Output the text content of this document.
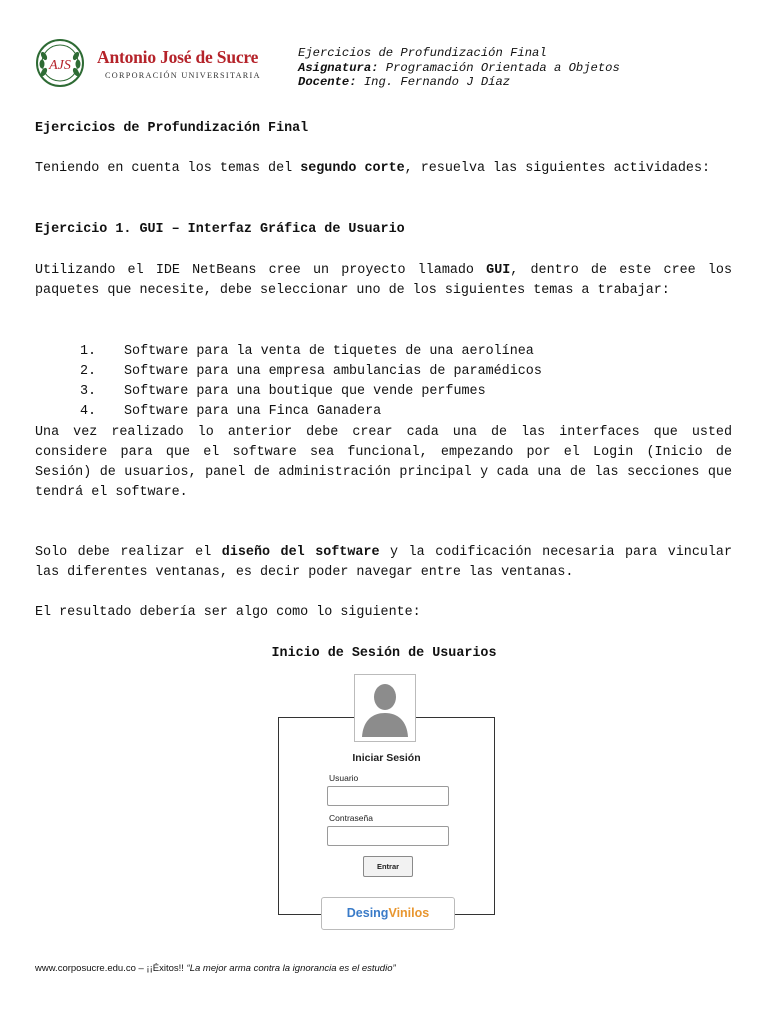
AJS Antonio José de Sucre
CORPORACIÓN UNIVERSITARIA
Ejercicios de Profundización Final
Asignatura: Programación Orientada a Objetos
Docente: Ing. Fernando J Díaz
Ejercicios de Profundización Final
Teniendo en cuenta los temas del segundo corte, resuelva las siguientes actividades:
Ejercicio 1. GUI – Interfaz Gráfica de Usuario
Utilizando el IDE NetBeans cree un proyecto llamado GUI, dentro de este cree los paquetes que necesite, debe seleccionar uno de los siguientes temas a trabajar:
1. Software para la venta de tiquetes de una aerolínea
2. Software para una empresa ambulancias de paramédicos
3. Software para una boutique que vende perfumes
4. Software para una Finca Ganadera
Una vez realizado lo anterior debe crear cada una de las interfaces que usted considere para que el software sea funcional, empezando por el Login (Inicio de Sesión) de usuarios, panel de administración principal y cada una de las secciones que tendrá el software.
Solo debe realizar el diseño del software y la codificación necesaria para vincular las diferentes ventanas, es decir poder navegar entre las ventanas.
El resultado debería ser algo como lo siguiente:
Inicio de Sesión de Usuarios
Iniciar Sesión
Usuario
Contraseña
Entrar
DesingVinilos
www.corposucre.edu.co – ¡¡Éxitos!! “La mejor arma contra la ignorancia es el estudio”
